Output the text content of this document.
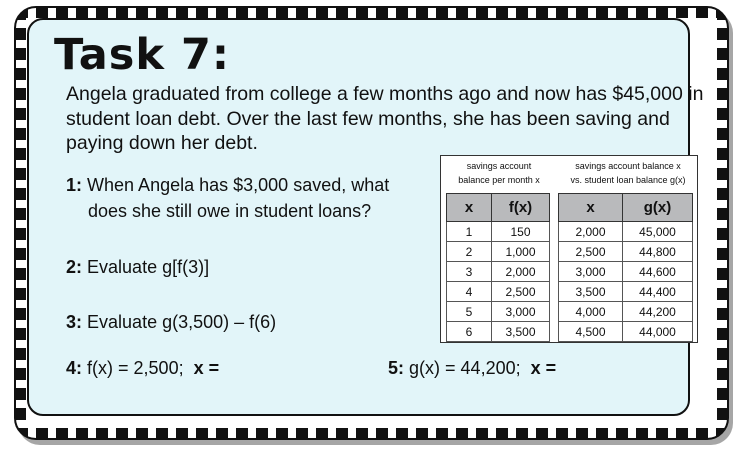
Task 7:

Angela graduated from college a few months ago and now has $45,000 in student loan debt. Over the last few months, she has been saving and paying down her debt.

1: When Angela has $3,000 saved, what
does she still owe in student loans?

2: Evaluate g[f(3)]

3: Evaluate g(3,500) – f(6)

4: f(x) = 2,500; x =	5: g(x) = 44,200; x =

savings account
balance per month x

savings account balance x
vs. student loan balance g(x)

x	f(x)
1	150
2	1,000
3	2,000
4	2,500
5	3,000
6	3,500
x	g(x)
2,000	45,000
2,500	44,800
3,000	44,600
3,500	44,400
4,000	44,200
4,500	44,000
